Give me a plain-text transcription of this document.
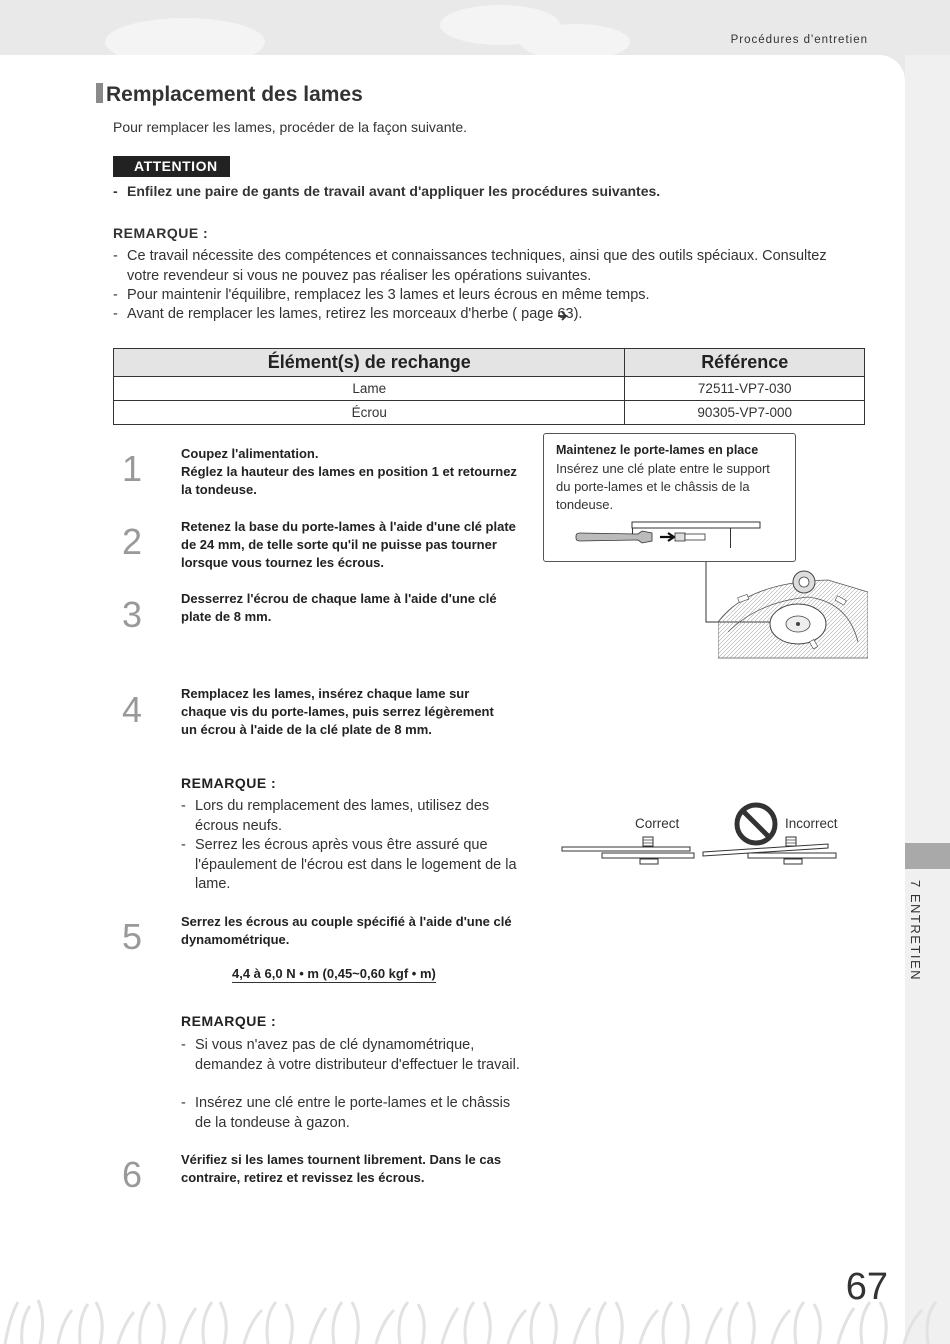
Procédures d'entretien
Remplacement des lames
Pour remplacer les lames, procéder de la façon suivante.
ATTENTION
- Enfilez une paire de gants de travail avant d'appliquer les procédures suivantes.
REMARQUE :
- Ce travail nécessite des compétences et connaissances techniques, ainsi que des outils spéciaux. Consultez votre revendeur si vous ne pouvez pas réaliser les opérations suivantes.
- Pour maintenir l'équilibre, remplacez les 3 lames et leurs écrous en même temps.
- Avant de remplacer les lames, retirez les morceaux d'herbe ( page 63).
Élément(s) de rechange	Référence
Lame	72511-VP7-030
Écrou	90305-VP7-000
1	Coupez l'alimentation.
Réglez la hauteur des lames en position 1 et retournez la tondeuse.
2	Retenez la base du porte-lames à l'aide d'une clé plate de 24 mm, de telle sorte qu'il ne puisse pas tourner lorsque vous tournez les écrous.
3	Desserrez l'écrou de chaque lame à l'aide d'une clé plate de 8 mm.
4	Remplacez les lames, insérez chaque lame sur chaque vis du porte-lames, puis serrez légèrement un écrou à l'aide de la clé plate de 8 mm.
REMARQUE :
- Lors du remplacement des lames, utilisez des écrous neufs.
- Serrez les écrous après vous être assuré que l'épaulement de l'écrou est dans le logement de la lame.
5	Serrez les écrous au couple spécifié à l'aide d'une clé dynamométrique.
4,4 à 6,0 N • m (0,45~0,60 kgf • m)
REMARQUE :
- Si vous n'avez pas de clé dynamométrique, demandez à votre distributeur d'effectuer le travail.
- Insérez une clé entre le porte-lames et le châssis de la tondeuse à gazon.
6	Vérifiez si les lames tournent librement. Dans le cas contraire, retirez et revissez les écrous.
Maintenez le porte-lames en place
Insérez une clé plate entre le support du porte-lames et le châssis de la tondeuse.
Correct	Incorrect
7 ENTRETIEN
67
